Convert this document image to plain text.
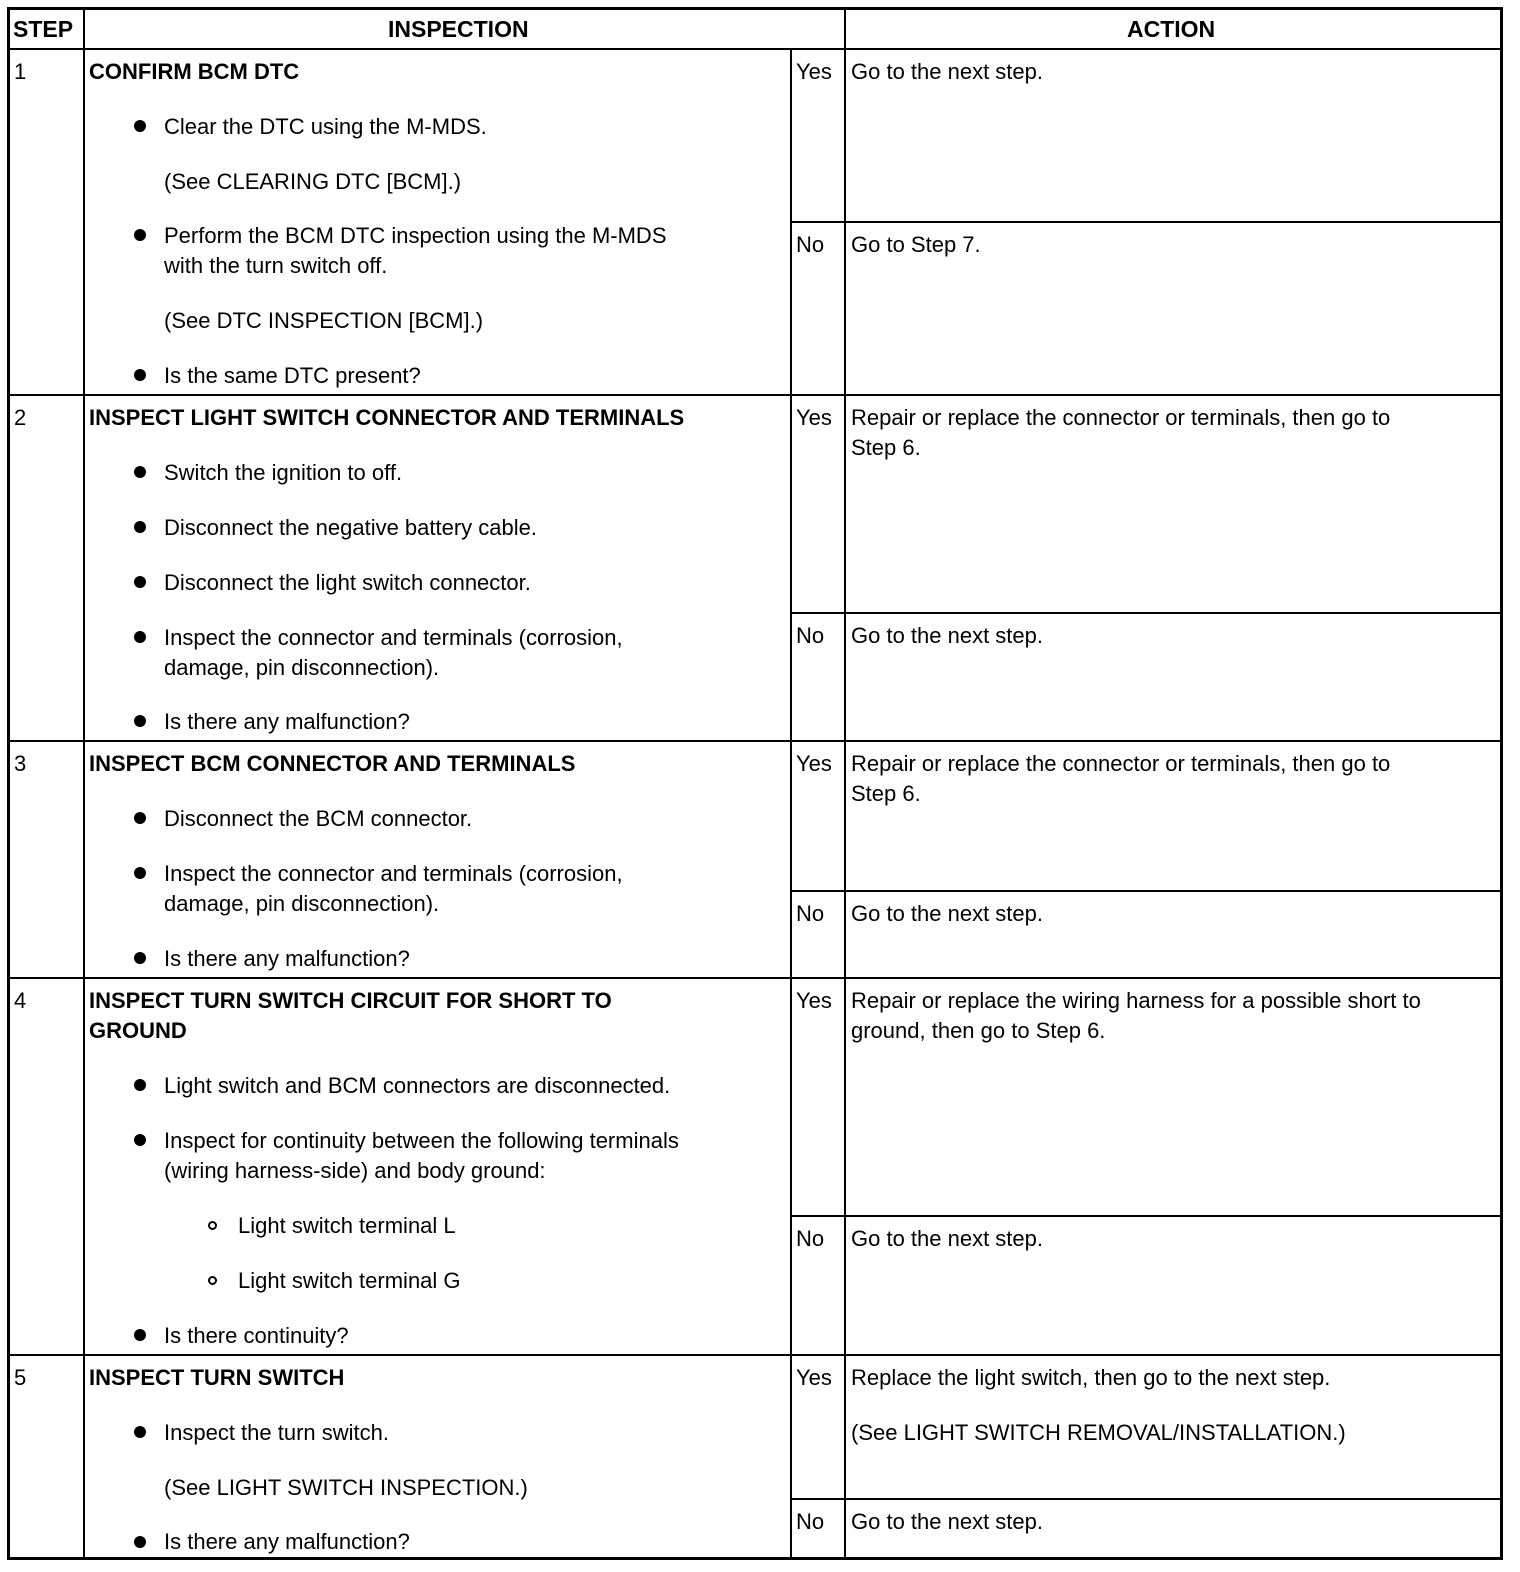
STEP	INSPECTION	ACTION
1	CONFIRM BCM DTC
Clear the DTC using the M-MDS.
(See CLEARING DTC [BCM].)
Perform the BCM DTC inspection using the M-MDS
with the turn switch off.
(See DTC INSPECTION [BCM].)
Is the same DTC present?
Yes Go to the next step.
No Go to Step 7.
2	INSPECT LIGHT SWITCH CONNECTOR AND TERMINALS
Switch the ignition to off.
Disconnect the negative battery cable.
Disconnect the light switch connector.
Inspect the connector and terminals (corrosion,
damage, pin disconnection).
Is there any malfunction?
Yes Repair or replace the connector or terminals, then go to
Step 6.
No Go to the next step.
3	INSPECT BCM CONNECTOR AND TERMINALS
Disconnect the BCM connector.
Inspect the connector and terminals (corrosion,
damage, pin disconnection).
Is there any malfunction?
Yes Repair or replace the connector or terminals, then go to
Step 6.
No Go to the next step.
4	INSPECT TURN SWITCH CIRCUIT FOR SHORT TO
GROUND
Light switch and BCM connectors are disconnected.
Inspect for continuity between the following terminals
(wiring harness-side) and body ground:
Light switch terminal L
Light switch terminal G
Is there continuity?
Yes Repair or replace the wiring harness for a possible short to
ground, then go to Step 6.
No Go to the next step.
5	INSPECT TURN SWITCH
Inspect the turn switch.
(See LIGHT SWITCH INSPECTION.)
Is there any malfunction?
Yes Replace the light switch, then go to the next step.
(See LIGHT SWITCH REMOVAL/INSTALLATION.)
No Go to the next step.
